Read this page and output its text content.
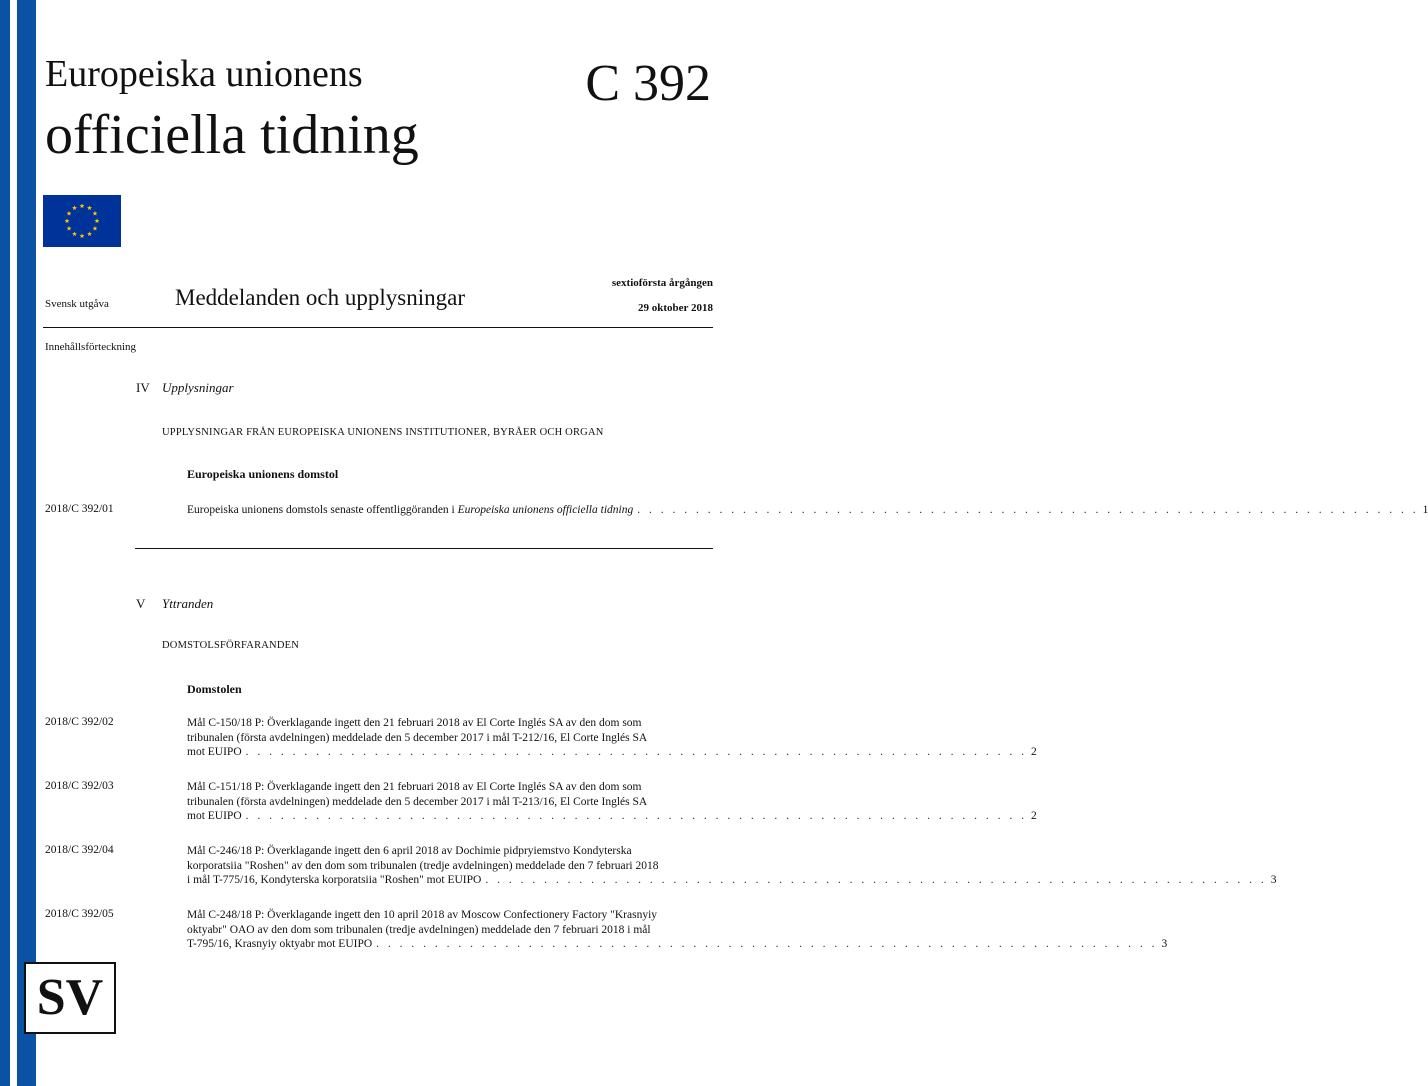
Europeiska unionens
officiella tidning
C 392
Svensk utgåva	Meddelanden och upplysningar
sextioförsta årgången
29 oktober 2018
Innehållsförteckning
IV Upplysningar
UPPLYSNINGAR FRÅN EUROPEISKA UNIONENS INSTITUTIONER, BYRÅER OCH ORGAN
Europeiska unionens domstol
2018/C 392/01	Europeiska unionens domstols senaste offentliggöranden i Europeiska unionens officiella tidning . . . . . . . . . . . . . . . . . . . . . . . . . . . . . . . . . . . . . . . . . . . . . . . . . . . . . . . . . . . . . . . . . . . 1
V Yttranden
DOMSTOLSFÖRFARANDEN
Domstolen
2018/C 392/02	Mål C-150/18 P: Överklagande ingett den 21 februari 2018 av El Corte Inglés SA av den dom som
tribunalen (första avdelningen) meddelade den 5 december 2017 i mål T-212/16, El Corte Inglés SA
mot EUIPO . . . . . . . . . . . . . . . . . . . . . . . . . . . . . . . . . . . . . . . . . . . . . . . . . . . . . . . . . . . . . . . . . . . 2
2018/C 392/03	Mål C-151/18 P: Överklagande ingett den 21 februari 2018 av El Corte Inglés SA av den dom som
tribunalen (första avdelningen) meddelade den 5 december 2017 i mål T-213/16, El Corte Inglés SA
mot EUIPO . . . . . . . . . . . . . . . . . . . . . . . . . . . . . . . . . . . . . . . . . . . . . . . . . . . . . . . . . . . . . . . . . . . 2
2018/C 392/04	Mål C-246/18 P: Överklagande ingett den 6 april 2018 av Dochimie pidpryiemstvo Kondyterska
korporatsiia "Roshen" av den dom som tribunalen (tredje avdelningen) meddelade den 7 februari 2018
i mål T-775/16, Kondyterska korporatsiia "Roshen" mot EUIPO . . . . . . . . . . . . . . . . . . . . . . . . . . . . . . . . . . . . . . . . . . . . . . . . . . . . . . . . . . . . . . . . . . . 3
2018/C 392/05	Mål C-248/18 P: Överklagande ingett den 10 april 2018 av Moscow Confectionery Factory "Krasnyiy
oktyabr" OAO av den dom som tribunalen (tredje avdelningen) meddelade den 7 februari 2018 i mål
T-795/16, Krasnyiy oktyabr mot EUIPO . . . . . . . . . . . . . . . . . . . . . . . . . . . . . . . . . . . . . . . . . . . . . . . . . . . . . . . . . . . . . . . . . . . 3
SV
